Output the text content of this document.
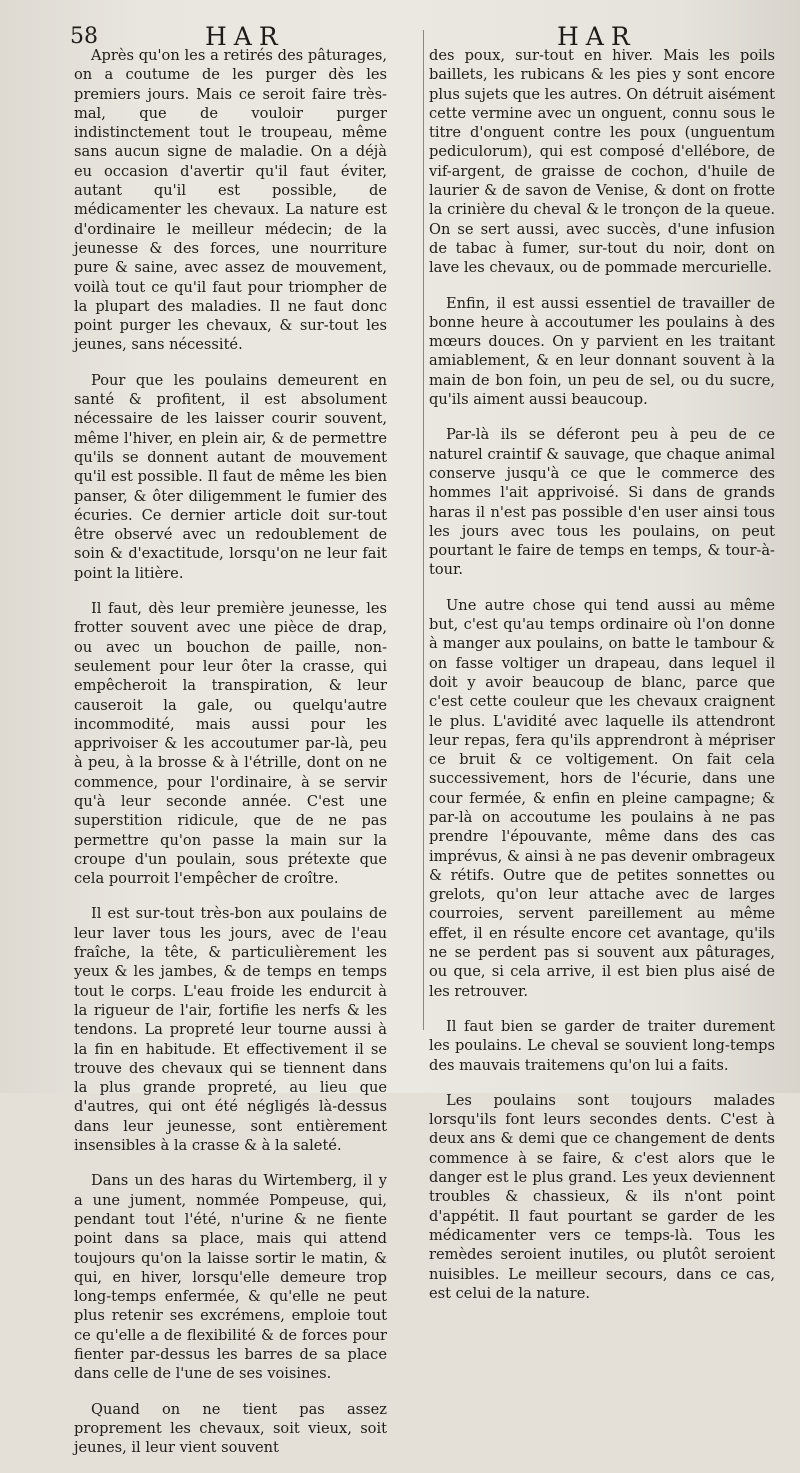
58	HAR	HAR

Après qu'on les a retirés des pâturages, on a coutume de les purger dès les premiers jours. Mais ce seroit faire très-mal, que de vouloir purger indistinctement tout le troupeau, même sans aucun signe de maladie. On a déjà eu occasion d'avertir qu'il faut éviter, autant qu'il est possible, de médicamenter les chevaux. La nature est d'ordinaire le meilleur médecin; de la jeunesse & des forces, une nourriture pure & saine, avec assez de mouvement, voilà tout ce qu'il faut pour triompher de la plupart des maladies. Il ne faut donc point purger les chevaux, & sur-tout les jeunes, sans nécessité.

Pour que les poulains demeurent en santé & profitent, il est absolument nécessaire de les laisser courir souvent, même l'hiver, en plein air, & de permettre qu'ils se donnent autant de mouvement qu'il est possible. Il faut de même les bien panser, & ôter diligemment le fumier des écuries. Ce dernier article doit sur-tout être observé avec un redoublement de soin & d'exactitude, lorsqu'on ne leur fait point la litière.

Il faut, dès leur première jeunesse, les frotter souvent avec une pièce de drap, ou avec un bouchon de paille, non-seulement pour leur ôter la crasse, qui empêcheroit la transpiration, & leur causeroit la gale, ou quelqu'autre incommodité, mais aussi pour les apprivoiser & les accoutumer par-là, peu à peu, à la brosse & à l'étrille, dont on ne commence, pour l'ordinaire, à se servir qu'à leur seconde année. C'est une superstition ridicule, que de ne pas permettre qu'on passe la main sur la croupe d'un poulain, sous prétexte que cela pourroit l'empêcher de croître.

Il est sur-tout très-bon aux poulains de leur laver tous les jours, avec de l'eau fraîche, la tête, & particulièrement les yeux & les jambes, & de temps en temps tout le corps. L'eau froide les endurcit à la rigueur de l'air, fortifie les nerfs & les tendons. La propreté leur tourne aussi à la fin en habitude. Et effectivement il se trouve des chevaux qui se tiennent dans la plus grande propreté, au lieu que d'autres, qui ont été négligés là-dessus dans leur jeunesse, sont entièrement insensibles à la crasse & à la saleté.

Dans un des haras du Wirtemberg, il y a une jument, nommée Pompeuse, qui, pendant tout l'été, n'urine & ne fiente point dans sa place, mais qui attend toujours qu'on la laisse sortir le matin, & qui, en hiver, lorsqu'elle demeure trop long-temps enfermée, & qu'elle ne peut plus retenir ses excrémens, emploie tout ce qu'elle a de flexibilité & de forces pour fienter par-dessus les barres de sa place dans celle de l'une de ses voisines.

Quand on ne tient pas assez proprement les chevaux, soit vieux, soit jeunes, il leur vient souvent

des poux, sur-tout en hiver. Mais les poils baillets, les rubicans & les pies y sont encore plus sujets que les autres. On détruit aisément cette vermine avec un onguent, connu sous le titre d'onguent contre les poux (unguentum pediculorum), qui est composé d'ellébore, de vif-argent, de graisse de cochon, d'huile de laurier & de savon de Venise, & dont on frotte la crinière du cheval & le tronçon de la queue. On se sert aussi, avec succès, d'une infusion de tabac à fumer, sur-tout du noir, dont on lave les chevaux, ou de pommade mercurielle.

Enfin, il est aussi essentiel de travailler de bonne heure à accoutumer les poulains à des mœurs douces. On y parvient en les traitant amiablement, & en leur donnant souvent à la main de bon foin, un peu de sel, ou du sucre, qu'ils aiment aussi beaucoup.

Par-là ils se déferont peu à peu de ce naturel craintif & sauvage, que chaque animal conserve jusqu'à ce que le commerce des hommes l'ait apprivoisé. Si dans de grands haras il n'est pas possible d'en user ainsi tous les jours avec tous les poulains, on peut pourtant le faire de temps en temps, & tour-à-tour.

Une autre chose qui tend aussi au même but, c'est qu'au temps ordinaire où l'on donne à manger aux poulains, on batte le tambour & on fasse voltiger un drapeau, dans lequel il doit y avoir beaucoup de blanc, parce que c'est cette couleur que les chevaux craignent le plus. L'avidité avec laquelle ils attendront leur repas, fera qu'ils apprendront à mépriser ce bruit & ce voltigement. On fait cela successivement, hors de l'écurie, dans une cour fermée, & enfin en pleine campagne; & par-là on accoutume les poulains à ne pas prendre l'épouvante, même dans des cas imprévus, & ainsi à ne pas devenir ombrageux & rétifs. Outre que de petites sonnettes ou grelots, qu'on leur attache avec de larges courroies, servent pareillement au même effet, il en résulte encore cet avantage, qu'ils ne se perdent pas si souvent aux pâturages, ou que, si cela arrive, il est bien plus aisé de les retrouver.

Il faut bien se garder de traiter durement les poulains. Le cheval se souvient long-temps des mauvais traitemens qu'on lui a faits.

Les poulains sont toujours malades lorsqu'ils font leurs secondes dents. C'est à deux ans & demi que ce changement de dents commence à se faire, & c'est alors que le danger est le plus grand. Les yeux deviennent troubles & chassieux, & ils n'ont point d'appétit. Il faut pourtant se garder de les médicamenter vers ce temps-là. Tous les remèdes seroient inutiles, ou plutôt seroient nuisibles. Le meilleur secours, dans ce cas, est celui de la nature.
